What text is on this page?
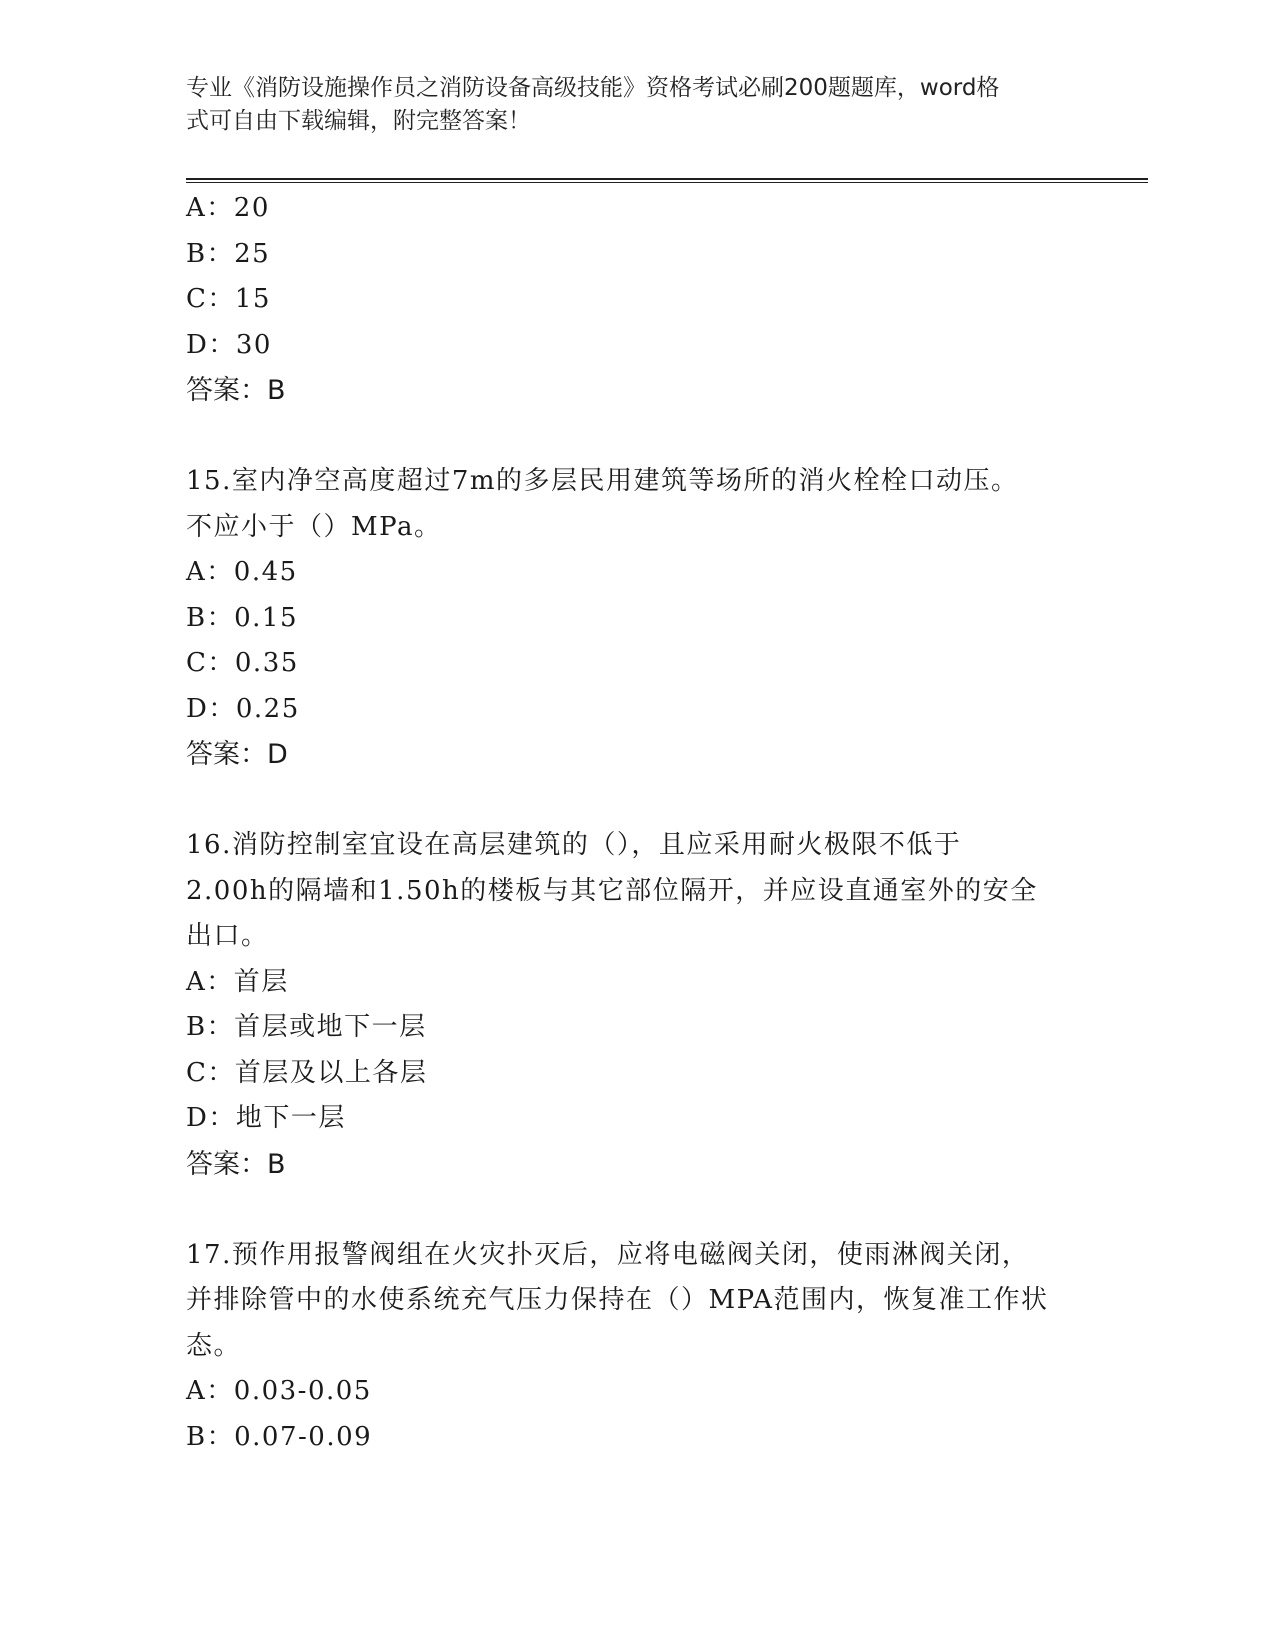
专业《消防设施操作员之消防设备高级技能》资格考试必刷200题题库，word格
式可自由下载编辑，附完整答案！
A：20
B：25
C：15
D：30
答案：B
15.室内净空高度超过7m的多层民用建筑等场所的消火栓栓口动压。
不应小于（）MPa。
A：0.45
B：0.15
C：0.35
D：0.25
答案：D
16.消防控制室宜设在高层建筑的（），且应采用耐火极限不低于
2.00h的隔墙和1.50h的楼板与其它部位隔开，并应设直通室外的安全
出口。
A：首层
B：首层或地下一层
C：首层及以上各层
D：地下一层
答案：B
17.预作用报警阀组在火灾扑灭后，应将电磁阀关闭，使雨淋阀关闭，
并排除管中的水使系统充气压力保持在（）MPA范围内，恢复准工作状
态。
A：0.03-0.05
B：0.07-0.09
